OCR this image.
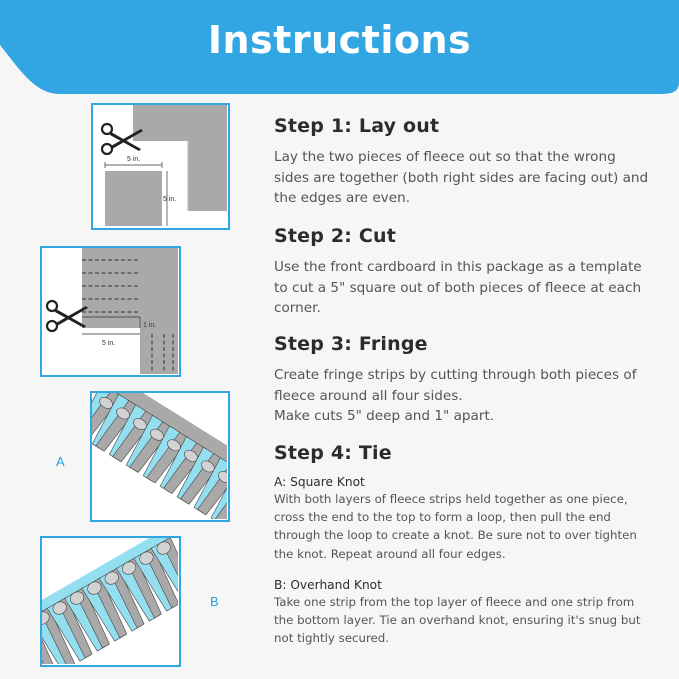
Instructions
5 in.
5 in.
5 in.
1 in.
A
B
Step 1: Lay out
Lay the two pieces of fleece out so that the wrong sides are together (both right sides are facing out) and the edges are even.
Step 2: Cut
Use the front cardboard in this package as a template to cut a 5" square out of both pieces of fleece at each corner.
Step 3: Fringe
Create fringe strips by cutting through both pieces of fleece around all four sides.
Make cuts 5" deep and 1" apart.
Step 4: Tie
A: Square Knot
With both layers of fleece strips held together as one piece, cross the end to the top to form a loop, then pull the end through the loop to create a knot. Be sure not to over tighten the knot. Repeat around all four edges.
B: Overhand Knot
Take one strip from the top layer of fleece and one strip from the bottom layer. Tie an overhand knot, ensuring it's snug but not tightly secured.
